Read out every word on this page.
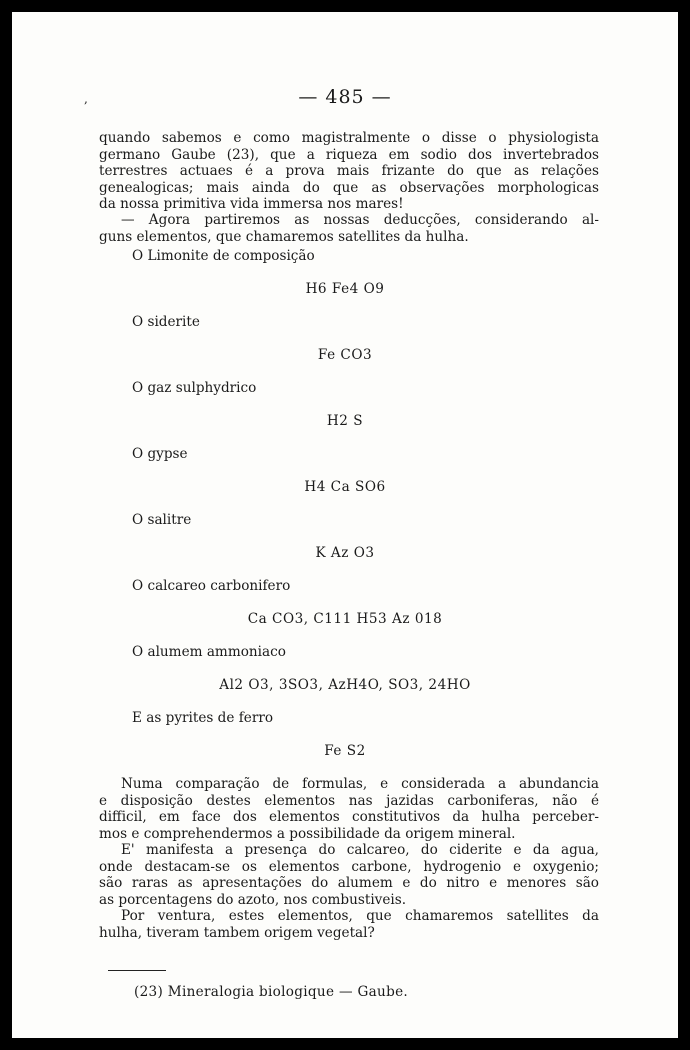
,	— 485 —

quando sabemos e como magistralmente o disse o physiologista

germano Gaube (23), que a riqueza em sodio dos invertebrados

terrestres actuaes é a prova mais frizante do que as relações

genealogicas; mais ainda do que as observações morphologicas

da nossa primitiva vida immersa nos mares!

— Agora partiremos as nossas deducções, considerando al-

guns elementos, que chamaremos satellites da hulha.

O Limonite de composição
H6 Fe4 O9
O siderite
Fe CO3
O gaz sulphydrico
H2 S
O gypse
H4 Ca SO6
O salitre
K Az O3
O calcareo carbonifero
Ca CO3, C111 H53 Az 018
O alumem ammoniaco
Al2 O3, 3SO3, AzH4O, SO3, 24HO
E as pyrites de ferro
Fe S2

Numa comparação de formulas, e considerada a abundancia

e disposição destes elementos nas jazidas carboniferas, não é

difficil, em face dos elementos constitutivos da hulha perceber-

mos e comprehendermos a possibilidade da origem mineral.

E' manifesta a presença do calcareo, do ciderite e da agua,

onde destacam-se os elementos carbone, hydrogenio e oxygenio;

são raras as apresentações do alumem e do nitro e menores são

as porcentagens do azoto, nos combustiveis.

Por ventura, estes elementos, que chamaremos satellites da

hulha, tiveram tambem origem vegetal?

(23) Mineralogia biologique — Gaube.
